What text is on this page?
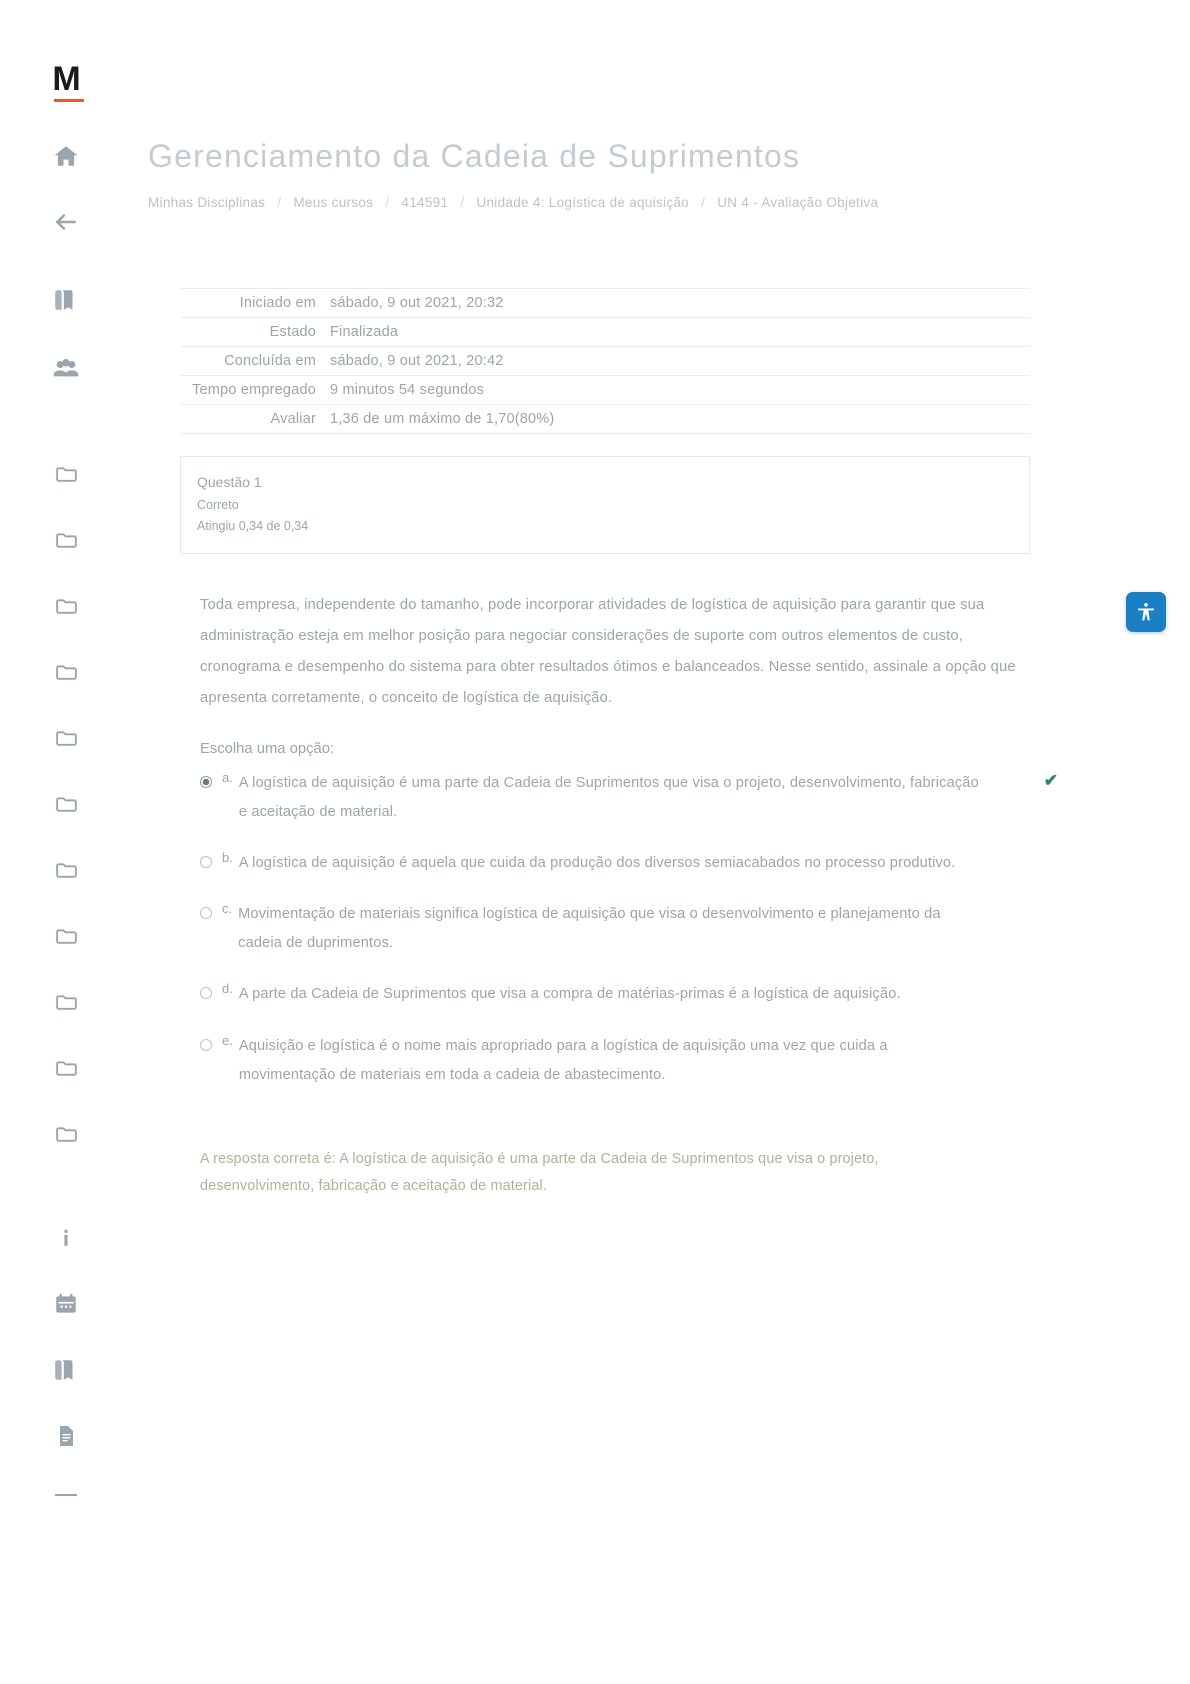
M
Gerenciamento da Cadeia de Suprimentos
Minhas Disciplinas / Meus cursos / 414591 / Unidade 4: Logística de aquisição / UN 4 - Avaliação Objetiva
Iniciado em	sábado, 9 out 2021, 20:32
Estado	Finalizada
Concluída em	sábado, 9 out 2021, 20:42
Tempo empregado	9 minutos 54 segundos
Avaliar	1,36 de um máximo de 1,70(80%)
Questão 1
Correto
Atingiu 0,34 de 0,34
Toda empresa, independente do tamanho, pode incorporar atividades de logística de aquisição para garantir que sua administração esteja em melhor posição para negociar considerações de suporte com outros elementos de custo, cronograma e desempenho do sistema para obter resultados ótimos e balanceados. Nesse sentido, assinale a opção que apresenta corretamente, o conceito de logística de aquisição.
Escolha uma opção:
a. A logística de aquisição é uma parte da Cadeia de Suprimentos que visa o projeto, desenvolvimento, fabricação e aceitação de material.
✔
b. A logística de aquisição é aquela que cuida da produção dos diversos semiacabados no processo produtivo.
c. Movimentação de materiais significa logística de aquisição que visa o desenvolvimento e planejamento da cadeia de duprimentos.
d. A parte da Cadeia de Suprimentos que visa a compra de matérias-primas é a logística de aquisição.
e. Aquisição e logística é o nome mais apropriado para a logística de aquisição uma vez que cuida a movimentação de materiais em toda a cadeia de abastecimento.
A resposta correta é: A logística de aquisição é uma parte da Cadeia de Suprimentos que visa o projeto, desenvolvimento, fabricação e aceitação de material.
